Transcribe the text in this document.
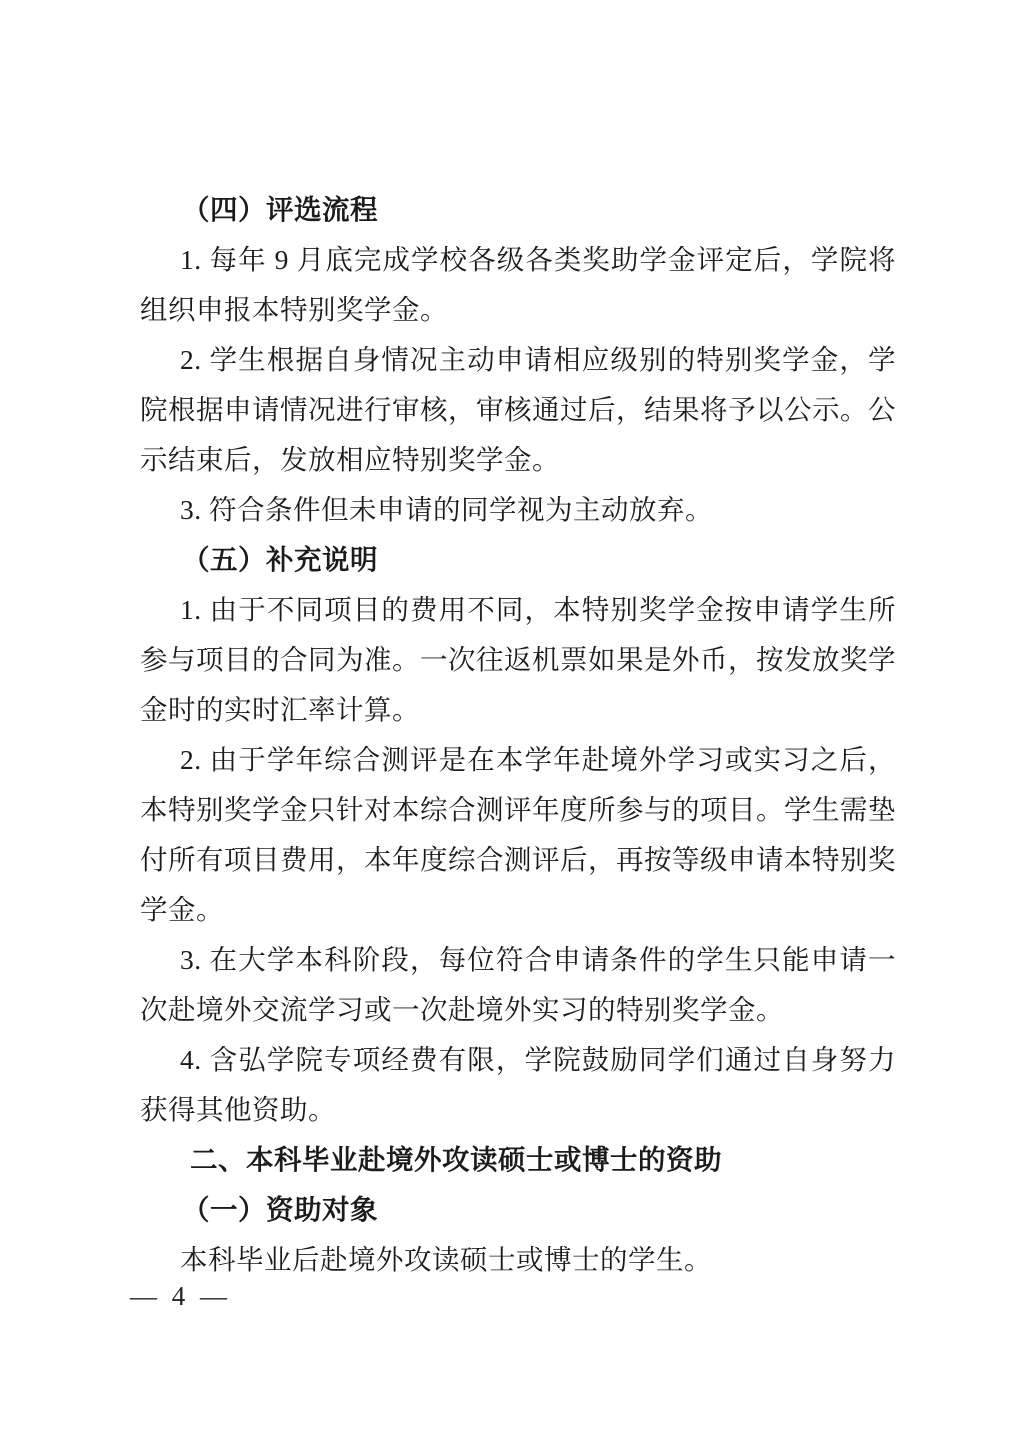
（四）评选流程

1. 每年 9 月底完成学校各级各类奖助学金评定后，学院将组织申报本特别奖学金。

2. 学生根据自身情况主动申请相应级别的特别奖学金，学院根据申请情况进行审核，审核通过后，结果将予以公示。公示结束后，发放相应特别奖学金。

3. 符合条件但未申请的同学视为主动放弃。

（五）补充说明

1. 由于不同项目的费用不同，本特别奖学金按申请学生所参与项目的合同为准。一次往返机票如果是外币，按发放奖学金时的实时汇率计算。

2. 由于学年综合测评是在本学年赴境外学习或实习之后，本特别奖学金只针对本综合测评年度所参与的项目。学生需垫付所有项目费用，本年度综合测评后，再按等级申请本特别奖学金。

3. 在大学本科阶段，每位符合申请条件的学生只能申请一次赴境外交流学习或一次赴境外实习的特别奖学金。

4. 含弘学院专项经费有限，学院鼓励同学们通过自身努力获得其他资助。

二、本科毕业赴境外攻读硕士或博士的资助
（一）资助对象

本科毕业后赴境外攻读硕士或博士的学生。

— 4 —
